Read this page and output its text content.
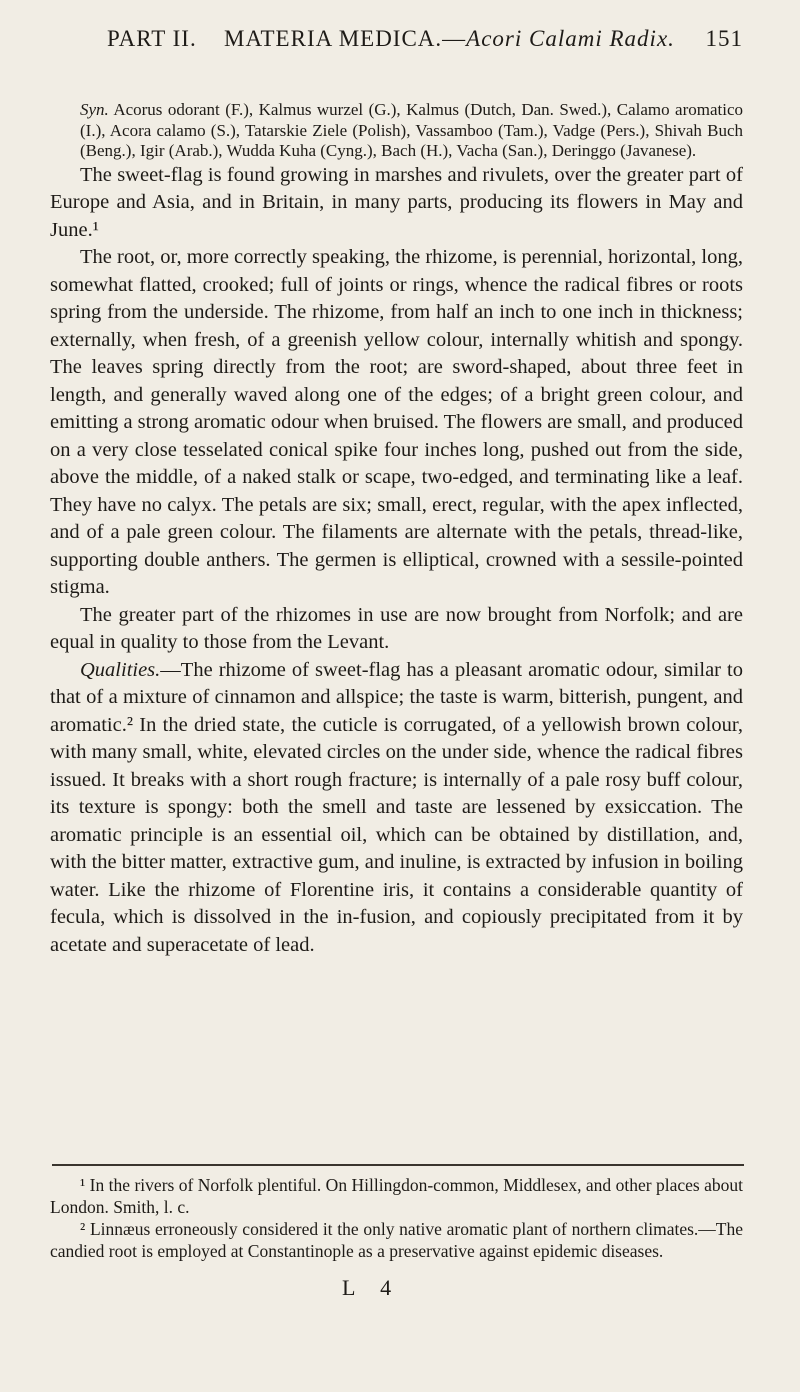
PART II. MATERIA MEDICA.—Acori Calami Radix. 151

Syn. Acorus odorant (F.), Kalmus wurzel (G.), Kalmus (Dutch, Dan. Swed.), Calamo aromatico (I.), Acora calamo (S.), Tatarskie Ziele (Polish), Vassamboo (Tam.), Vadge (Pers.), Shivah Buch (Beng.), Igir (Arab.), Wudda Kuha (Cyng.), Bach (H.), Vacha (San.), Deringgo (Javanese).

The sweet-flag is found growing in marshes and rivulets, over the greater part of Europe and Asia, and in Britain, in many parts, producing its flowers in May and June.¹

The root, or, more correctly speaking, the rhizome, is perennial, horizontal, long, somewhat flatted, crooked; full of joints or rings, whence the radical fibres or roots spring from the underside. The rhizome, from half an inch to one inch in thickness; externally, when fresh, of a greenish yellow colour, internally whitish and spongy. The leaves spring directly from the root; are sword-shaped, about three feet in length, and generally waved along one of the edges; of a bright green colour, and emitting a strong aromatic odour when bruised. The flowers are small, and produced on a very close tesselated conical spike four inches long, pushed out from the side, above the middle, of a naked stalk or scape, two-edged, and terminating like a leaf. They have no calyx. The petals are six; small, erect, regular, with the apex inflected, and of a pale green colour. The filaments are alternate with the petals, thread-like, supporting double anthers. The germen is elliptical, crowned with a sessile-pointed stigma.

The greater part of the rhizomes in use are now brought from Norfolk; and are equal in quality to those from the Levant.

Qualities.—The rhizome of sweet-flag has a pleasant aromatic odour, similar to that of a mixture of cinnamon and allspice; the taste is warm, bitterish, pungent, and aromatic.² In the dried state, the cuticle is corrugated, of a yellowish brown colour, with many small, white, elevated circles on the under side, whence the radical fibres issued. It breaks with a short rough fracture; is internally of a pale rosy buff colour, its texture is spongy: both the smell and taste are lessened by exsiccation. The aromatic principle is an essential oil, which can be obtained by distillation, and, with the bitter matter, extractive gum, and inuline, is extracted by infusion in boiling water. Like the rhizome of Florentine iris, it contains a considerable quantity of fecula, which is dissolved in the in-fusion, and copiously precipitated from it by acetate and superacetate of lead.

¹ In the rivers of Norfolk plentiful. On Hillingdon-common, Middlesex, and other places about London. Smith, l. c.

² Linnæus erroneously considered it the only native aromatic plant of northern climates.—The candied root is employed at Constantinople as a preservative against epidemic diseases.

L 4
